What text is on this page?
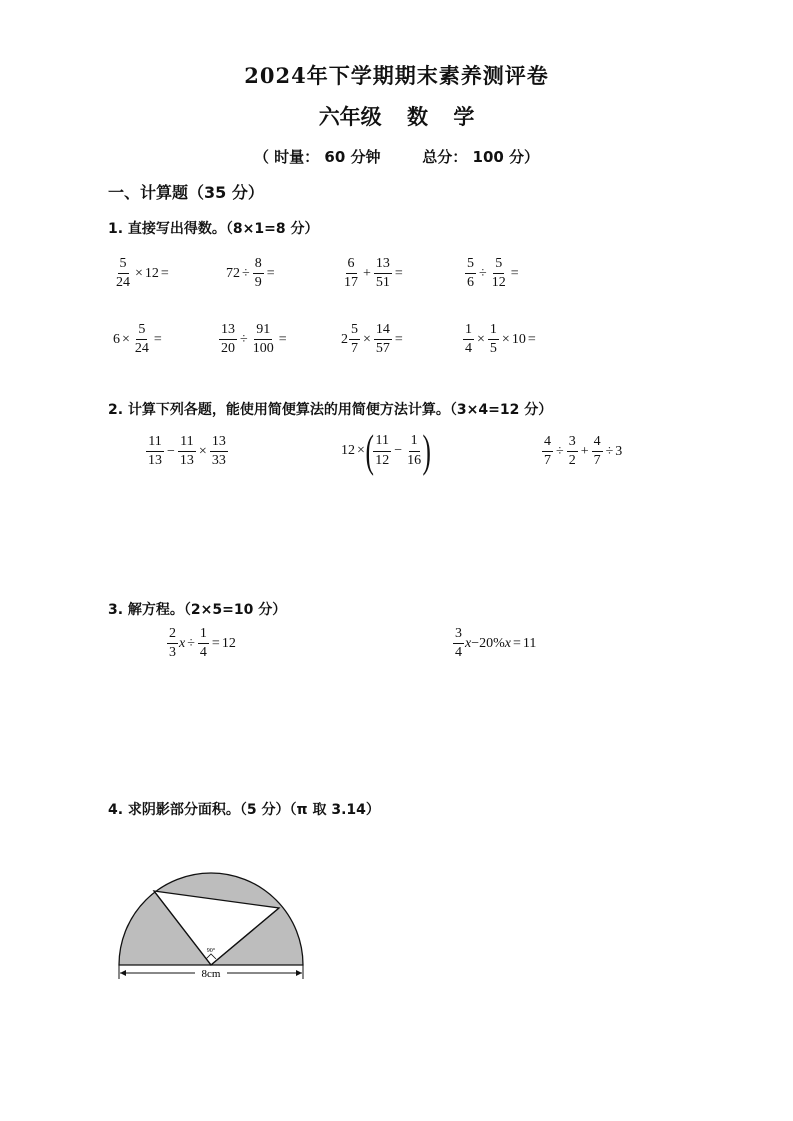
2024年下学期期末素养测评卷
六年级 数 学
（ 时量： 60 分钟	总分： 100 分）
一、计算题（35 分）
1. 直接写出得数。（8×1=8 分）
$\frac{5}{24} \times 12$ =	$72 \div \frac{8}{9}$ =	$\frac{6}{17} + \frac{13}{51}$ =	$\frac{5}{6} \div \frac{5}{12}$ =
$6 \times \frac{5}{24}$ =	$\frac{13}{20} \div \frac{91}{100}$ =	$2 \frac{5}{7} \times \frac{14}{57}$ =	$\frac{1}{4} \times \frac{1}{5} \times 10$ =
2. 计算下列各题，能使用简便算法的用简便方法计算。（3×4=12 分）
$\frac{11}{13} - \frac{11}{13} \times \frac{13}{33}$	12 × ( $\frac{11}{12} - \frac{1}{16}$ )	$\frac{4}{7} \div \frac{3}{2} + \frac{4}{7} \div 3$
3. 解方程。（2×5=10 分）
$\frac{2}{3}$ $x \div \frac{1}{4} = 12$	$\frac{3}{4}$ x −20% x = 11
4. 求阴影部分面积。（5 分）（π 取 3.14）
90°
8cm
